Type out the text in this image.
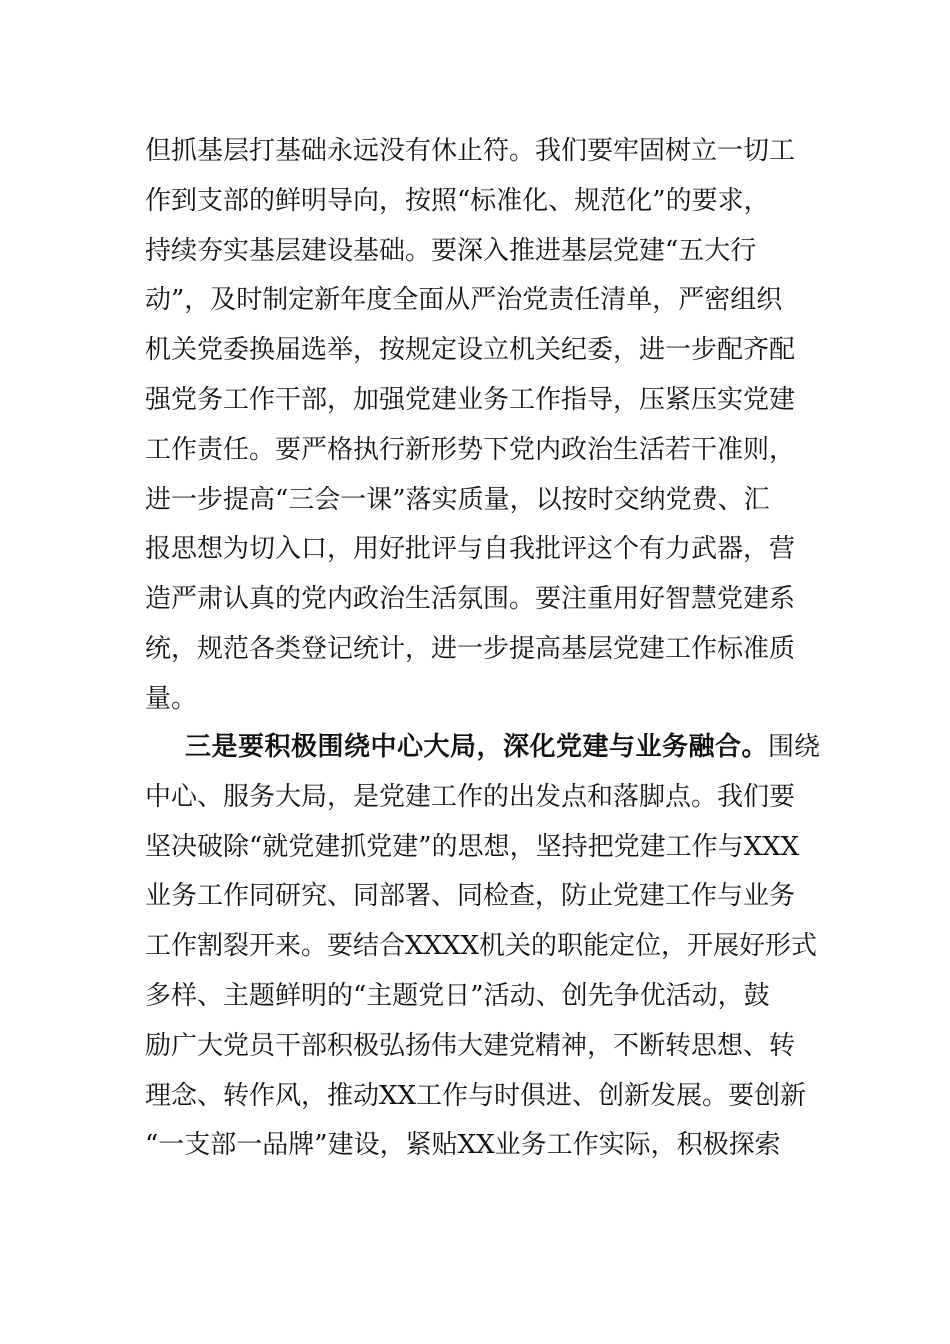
但抓基层打基础永远没有休止符。我们要牢固树立一切工
作到支部的鲜明导向，按照“标准化、规范化”的要求，
持续夯实基层建设基础。要深入推进基层党建“五大行
动”，及时制定新年度全面从严治党责任清单，严密组织
机关党委换届选举，按规定设立机关纪委，进一步配齐配
强党务工作干部，加强党建业务工作指导，压紧压实党建
工作责任。要严格执行新形势下党内政治生活若干准则，
进一步提高“三会一课”落实质量，以按时交纳党费、汇
报思想为切入口，用好批评与自我批评这个有力武器，营
造严肃认真的党内政治生活氛围。要注重用好智慧党建系
统，规范各类登记统计，进一步提高基层党建工作标准质
量。
三是要积极围绕中心大局，深化党建与业务融合。围绕
中心、服务大局，是党建工作的出发点和落脚点。我们要
坚决破除“就党建抓党建”的思想，坚持把党建工作与XXX
业务工作同研究、同部署、同检查，防止党建工作与业务
工作割裂开来。要结合XXXX机关的职能定位，开展好形式
多样、主题鲜明的“主题党日”活动、创先争优活动，鼓
励广大党员干部积极弘扬伟大建党精神，不断转思想、转
理念、转作风，推动XX工作与时俱进、创新发展。要创新
“一支部一品牌”建设，紧贴XX业务工作实际，积极探索
